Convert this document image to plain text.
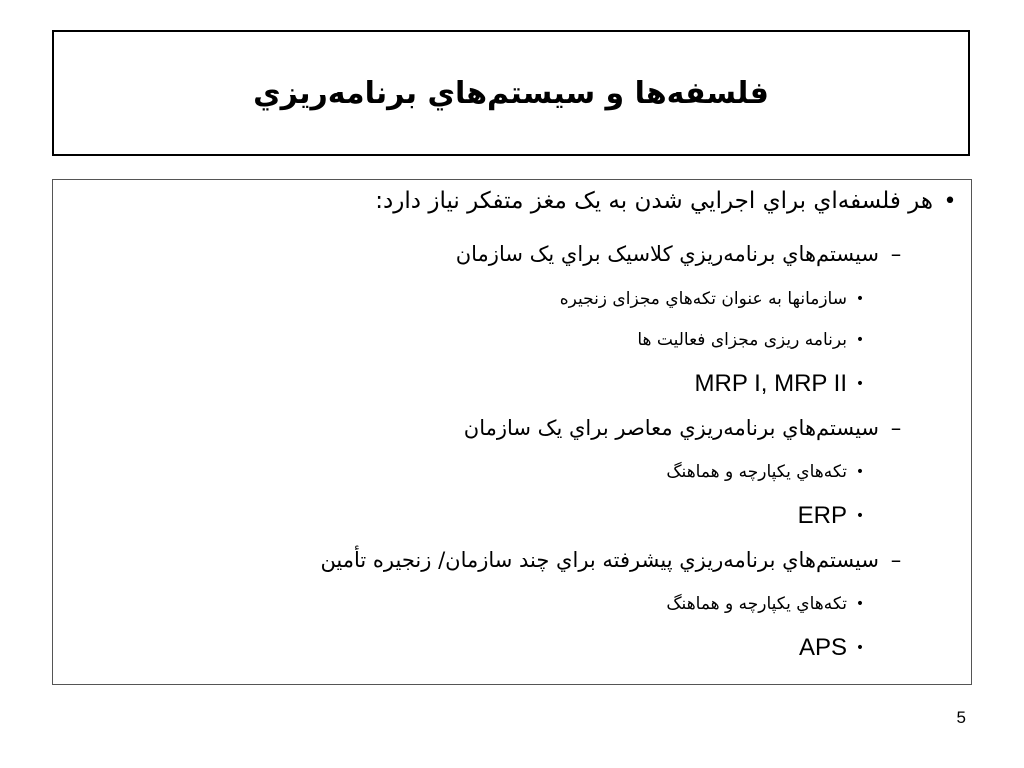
فلسفه‌ها و سیستم‌هاي برنامه‌ريزي
•
هر فلسفه‌اي براي اجرايي شدن به یک مغز متفکر نیاز دارد:
–
سیستم‌هاي برنامه‌ريزي کلاسیک براي یک سازمان
•
سازمانها به عنوان تکه‌هاي مجزای زنجيره
•
برنامه ریزی مجزای فعالیت ها
•
MRP I, MRP II
–
سیستم‌هاي برنامه‌ريزي معاصر براي یک سازمان
•
تکه‌هاي یکپارچه و هماهنگ
•
ERP
–
سیستم‌هاي برنامه‌ريزي پیشرفته براي چند سازمان/ زنجیره تأمین
•
تکه‌هاي یکپارچه و هماهنگ
•
APS
5
